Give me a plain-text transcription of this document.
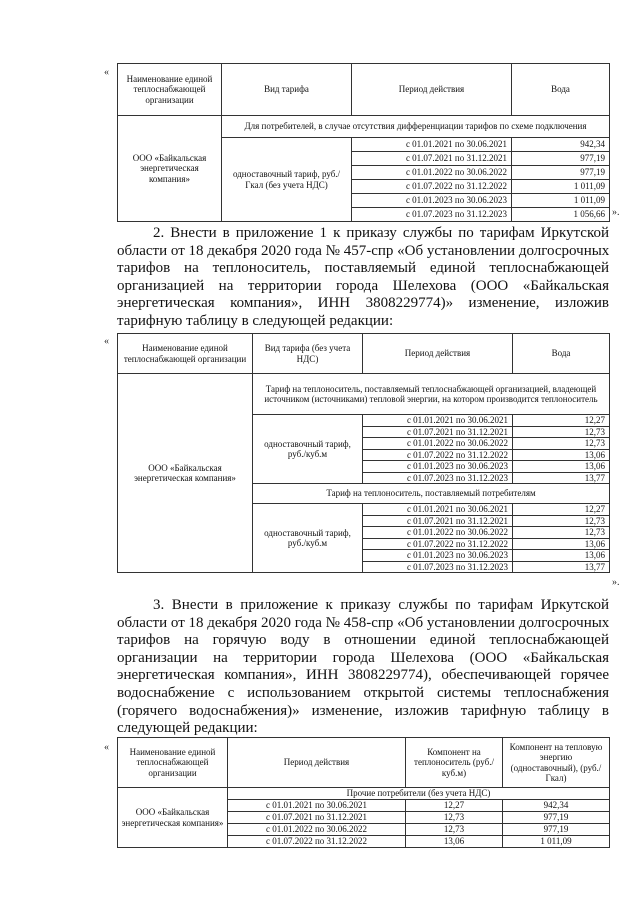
«
Наименование единой теплоснабжающей организации	Вид тарифа	Период действия	Вода
ООО «Байкальская энергетическая компания»	Для потребителей, в случае отсутствия дифференциации тарифов по схеме подключения		
	одноставочный тариф, руб./Гкал (без учета НДС)	с 01.01.2021 по 30.06.2021	942,34
		с 01.07.2021 по 31.12.2021	977,19
		с 01.01.2022 по 30.06.2022	977,19
		с 01.07.2022 по 31.12.2022	1 011,09
		с 01.01.2023 по 30.06.2023	1 011,09
		с 01.07.2023 по 31.12.2023	1 056,66 ».

2. Внести в приложение 1 к приказу службы по тарифам Иркутской
области от 18 декабря 2020 года № 457-спр «Об установлении долгосрочных
тарифов на теплоноситель, поставляемый единой теплоснабжающей
организацией на территории города Шелехова (ООО «Байкальская
энергетическая компания», ИНН 3808229774)» изменение, изложив
тарифную таблицу в следующей редакции:

«
Наименование единой теплоснабжающей организации	Вид тарифа (без учета НДС)	Период действия	Вода
ООО «Байкальская энергетическая компания»	Тариф на теплоноситель, поставляемый теплоснабжающей организацией, владеющей источником (источниками) тепловой энергии, на котором производится теплоноситель		
	одноставочный тариф, руб./куб.м	с 01.01.2021 по 30.06.2021	12,27
		с 01.07.2021 по 31.12.2021	12,73
		с 01.01.2022 по 30.06.2022	12,73
		с 01.07.2022 по 31.12.2022	13,06
		с 01.01.2023 по 30.06.2023	13,06
		с 01.07.2023 по 31.12.2023	13,77
	Тариф на теплоноситель, поставляемый потребителям		
	одноставочный тариф, руб./куб.м	с 01.01.2021 по 30.06.2021	12,27
		с 01.07.2021 по 31.12.2021	12,73
		с 01.01.2022 по 30.06.2022	12,73
		с 01.07.2022 по 31.12.2022	13,06
		с 01.01.2023 по 30.06.2023	13,06
		с 01.07.2023 по 31.12.2023	13,77
».

3. Внести в приложение к приказу службы по тарифам Иркутской
области от 18 декабря 2020 года № 458-спр «Об установлении долгосрочных
тарифов на горячую воду в отношении единой теплоснабжающей
организации на территории города Шелехова (ООО «Байкальская
энергетическая компания», ИНН 3808229774), обеспечивающей горячее
водоснабжение с использованием открытой системы теплоснабжения
(горячего водоснабжения)» изменение, изложив тарифную таблицу в
следующей редакции:

« Наименование единой теплоснабжающей организации	Период действия	Компонент на теплоноситель (руб./куб.м)	Компонент на тепловую энергию (одноставочный), (руб./Гкал)
ООО «Байкальская энергетическая компания»	Прочие потребители (без учета НДС)		
	с 01.01.2021 по 30.06.2021	12,27	942,34
	с 01.07.2021 по 31.12.2021	12,73	977,19
	с 01.01.2022 по 30.06.2022	12,73	977,19
	с 01.07.2022 по 31.12.2022	13,06	1 011,09
